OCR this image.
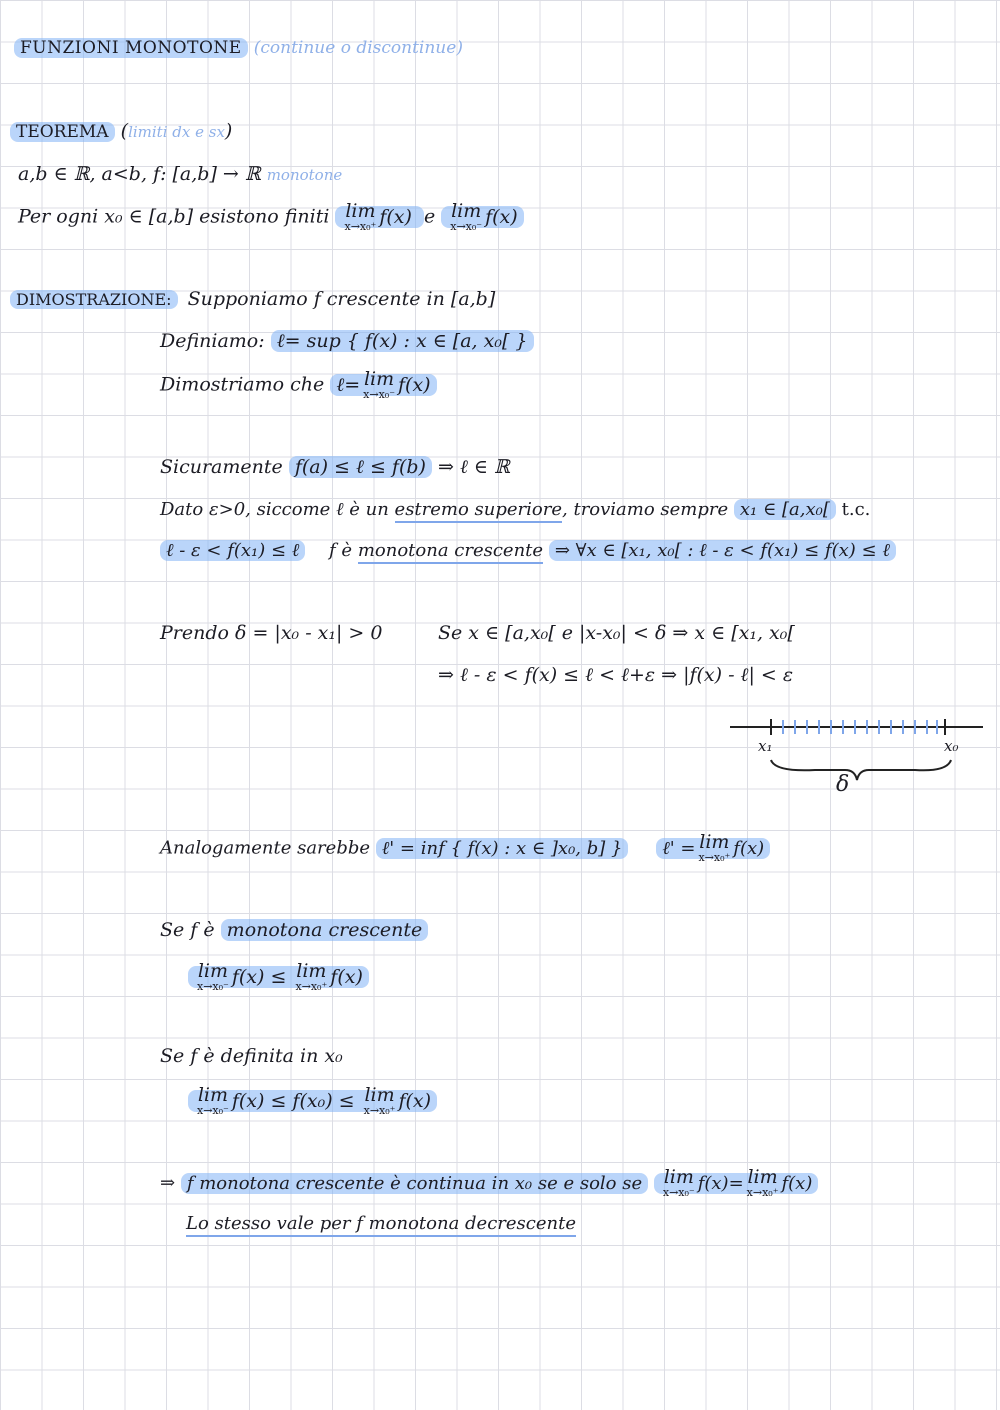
FUNZIONI MONOTONE (continue o discontinue)
TEOREMA (limiti dx e sx)
a,b ∈ ℝ, a<b, f: [a,b] → ℝ monotone
Per ogni x₀ ∈ [a,b] esistono finiti lim
x→x₀⁺ f(x) e lim
x→x₀⁻ f(x)
DIMOSTRAZIONE: Supponiamo f crescente in [a,b]
Definiamo: ℓ= sup { f(x) : x ∈ [a, x₀[ }
Dimostriamo che ℓ= lim
x→x₀⁻ f(x)
Sicuramente f(a) ≤ ℓ ≤ f(b) ⇒ ℓ ∈ ℝ
Dato ε>0, siccome ℓ è un estremo superiore, troviamo sempre x₁ ∈ [a,x₀[ t.c.
ℓ - ε < f(x₁) ≤ ℓ f è monotona crescente ⇒ ∀x ∈ [x₁, x₀[ : ℓ - ε < f(x₁) ≤ f(x) ≤ ℓ
Prendo δ = |x₀ - x₁| > 0	Se x ∈ [a,x₀[ e |x-x₀| < δ ⇒ x ∈ [x₁, x₀[
⇒ ℓ - ε < f(x) ≤ ℓ < ℓ+ε ⇒ |f(x) - ℓ| < ε
x₁	x₀
δ
Analogamente sarebbe ℓ' = inf { f(x) : x ∈ ]x₀, b] } ℓ' = lim
x→x₀⁺ f(x)
Se f è monotona crescente
lim
x→x₀⁻ f(x) ≤ lim
x→x₀⁺ f(x)
Se f è definita in x₀
lim
x→x₀⁻ f(x) ≤ f(x₀) ≤ lim
x→x₀⁺ f(x)
⇒ f monotona crescente è continua in x₀ se e solo se lim
x→x₀⁻ f(x)= lim
x→x₀⁺ f(x)
Lo stesso vale per f monotona decrescente
